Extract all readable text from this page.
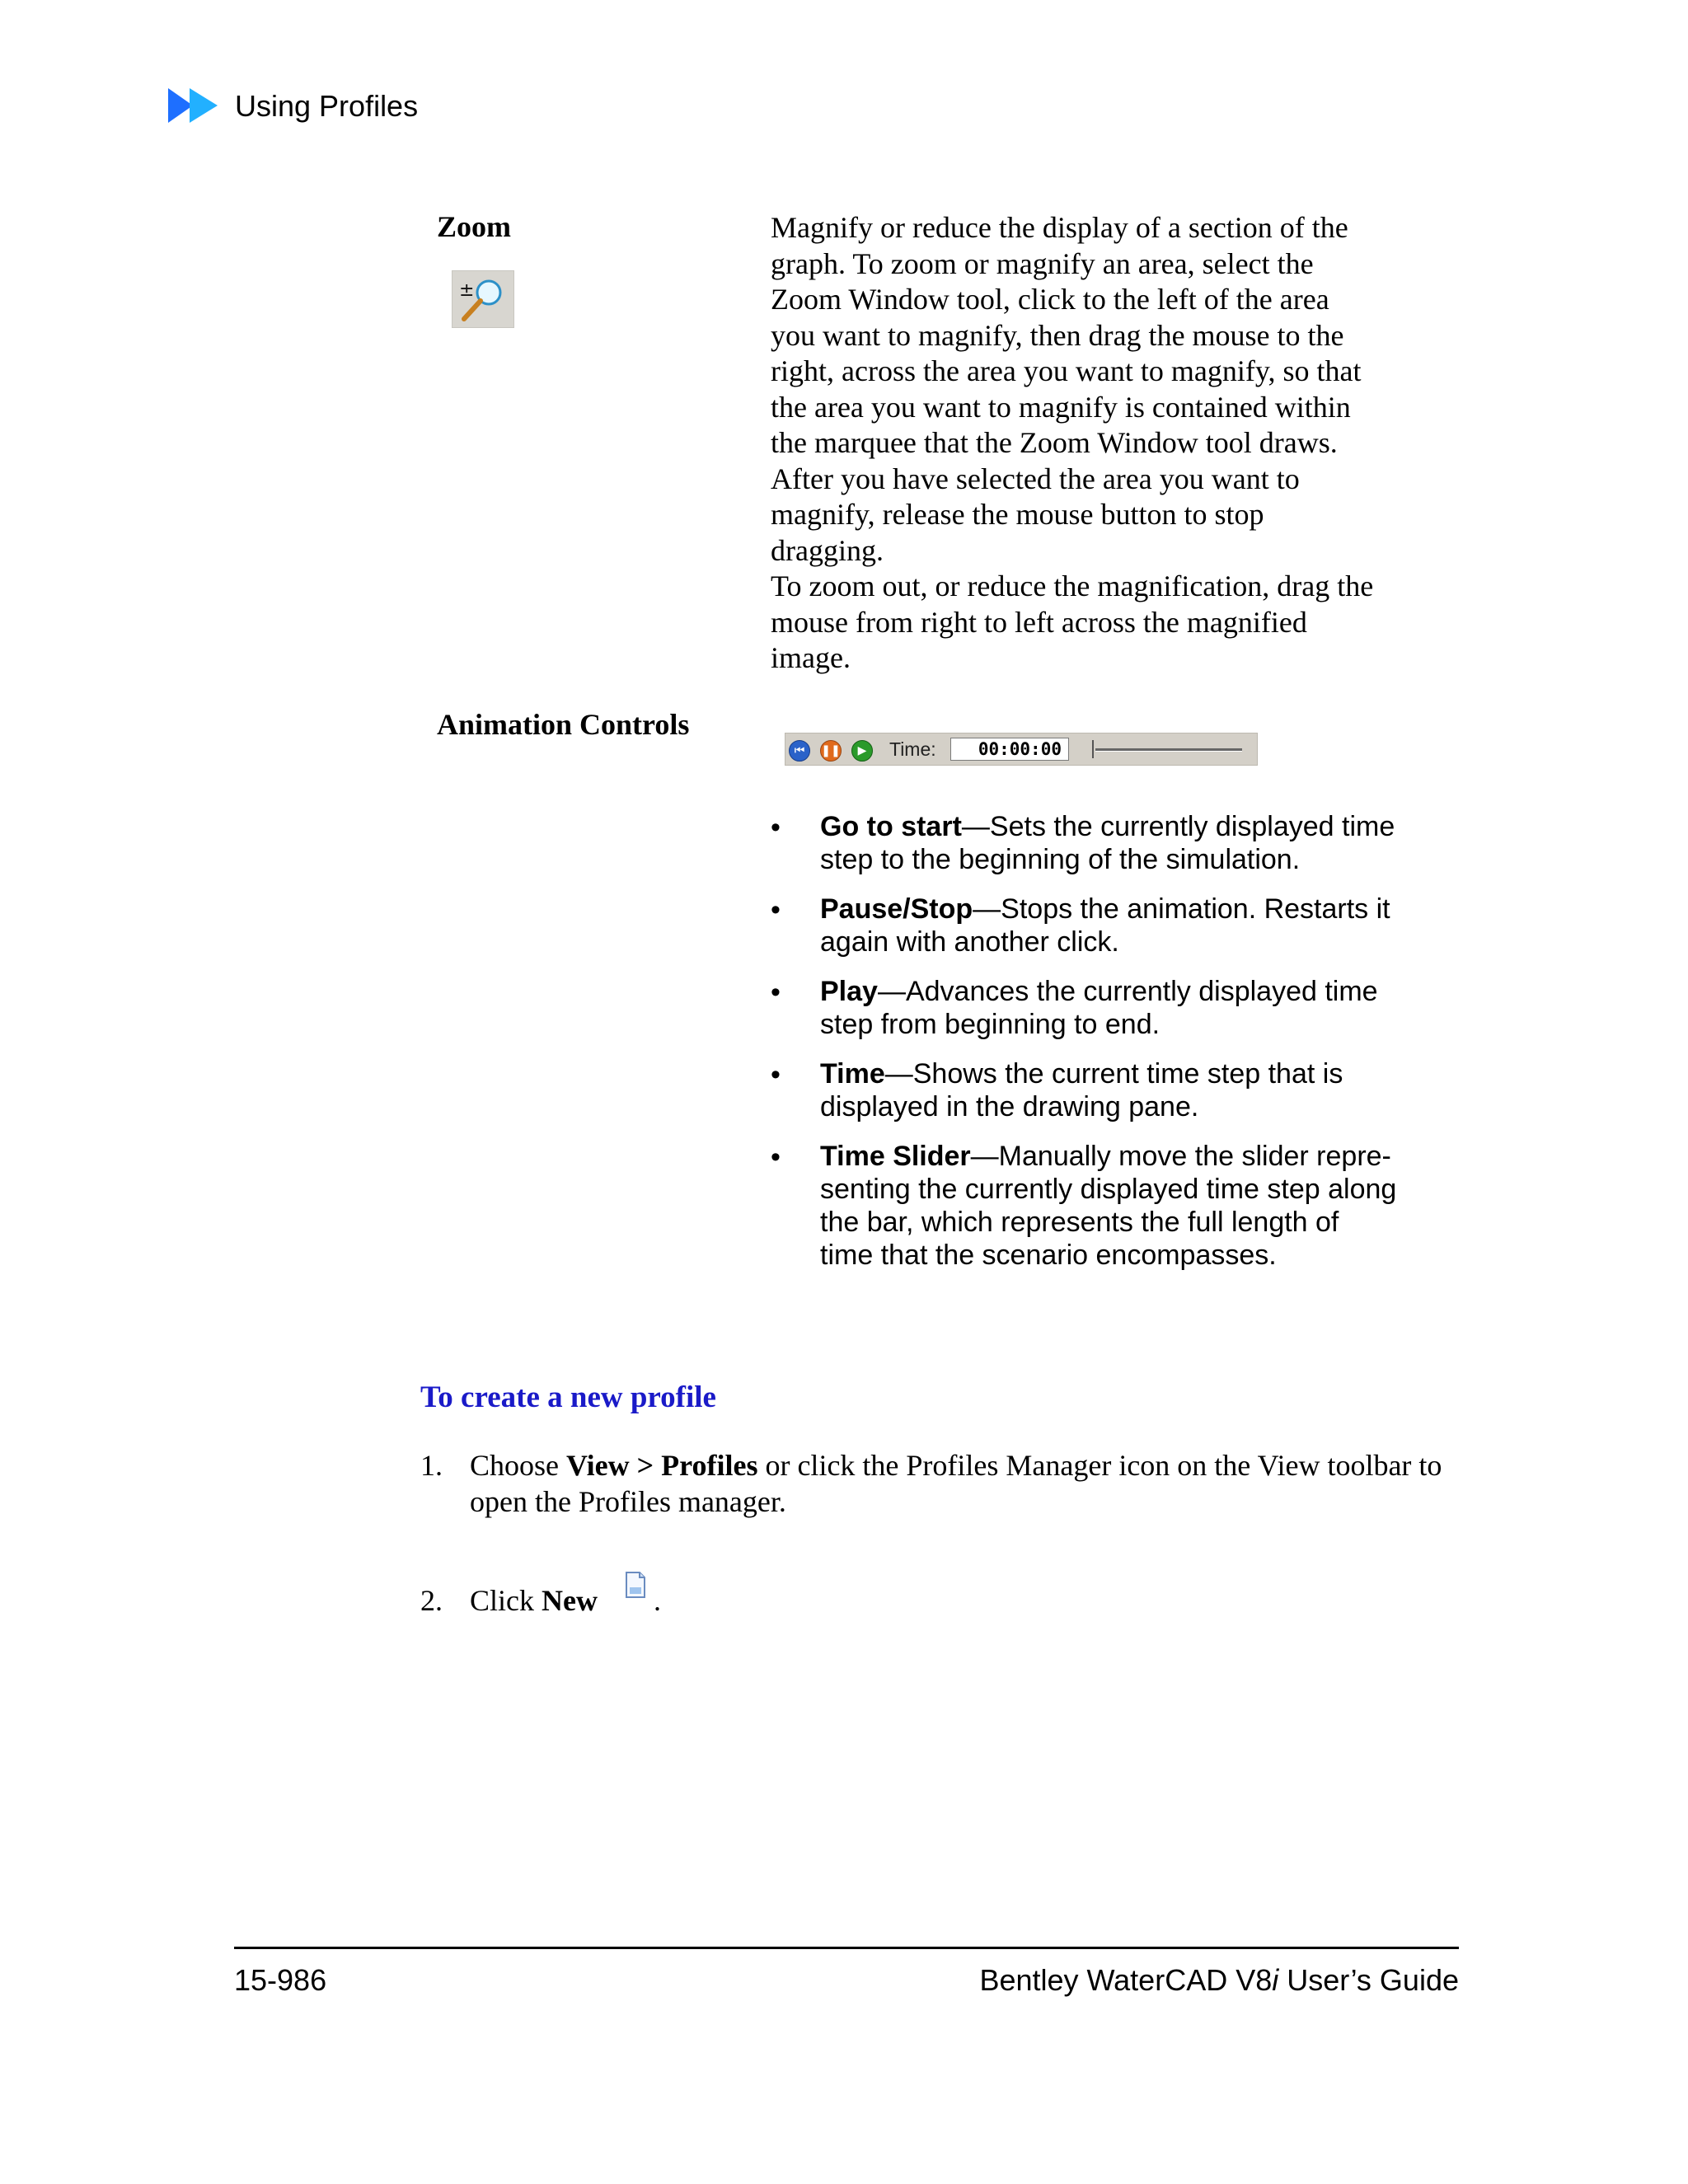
Using Profiles
Zoom
±
Magnify or reduce the display of a section of the
graph. To zoom or magnify an area, select the
Zoom Window tool, click to the left of the area
you want to magnify, then drag the mouse to the
right, across the area you want to magnify, so that
the area you want to magnify is contained within
the marquee that the Zoom Window tool draws.
After you have selected the area you want to
magnify, release the mouse button to stop
dragging.
To zoom out, or reduce the magnification, drag the
mouse from right to left across the magnified
image.
Animation Controls
⏮	❚❚	▶ Time:	00:00:00
• Go to start—Sets the currently displayed time
step to the beginning of the simulation.
• Pause/Stop—Stops the animation. Restarts it
again with another click.
• Play—Advances the currently displayed time
step from beginning to end.
• Time—Shows the current time step that is
displayed in the drawing pane.
• Time Slider—Manually move the slider repre-
senting the currently displayed time step along
the bar, which represents the full length of
time that the scenario encompasses.
To create a new profile
1. Choose View > Profiles or click the Profiles Manager icon on the View toolbar to
open the Profiles manager.
2. Click New .
15-986	Bentley WaterCAD V8i User’s Guide
